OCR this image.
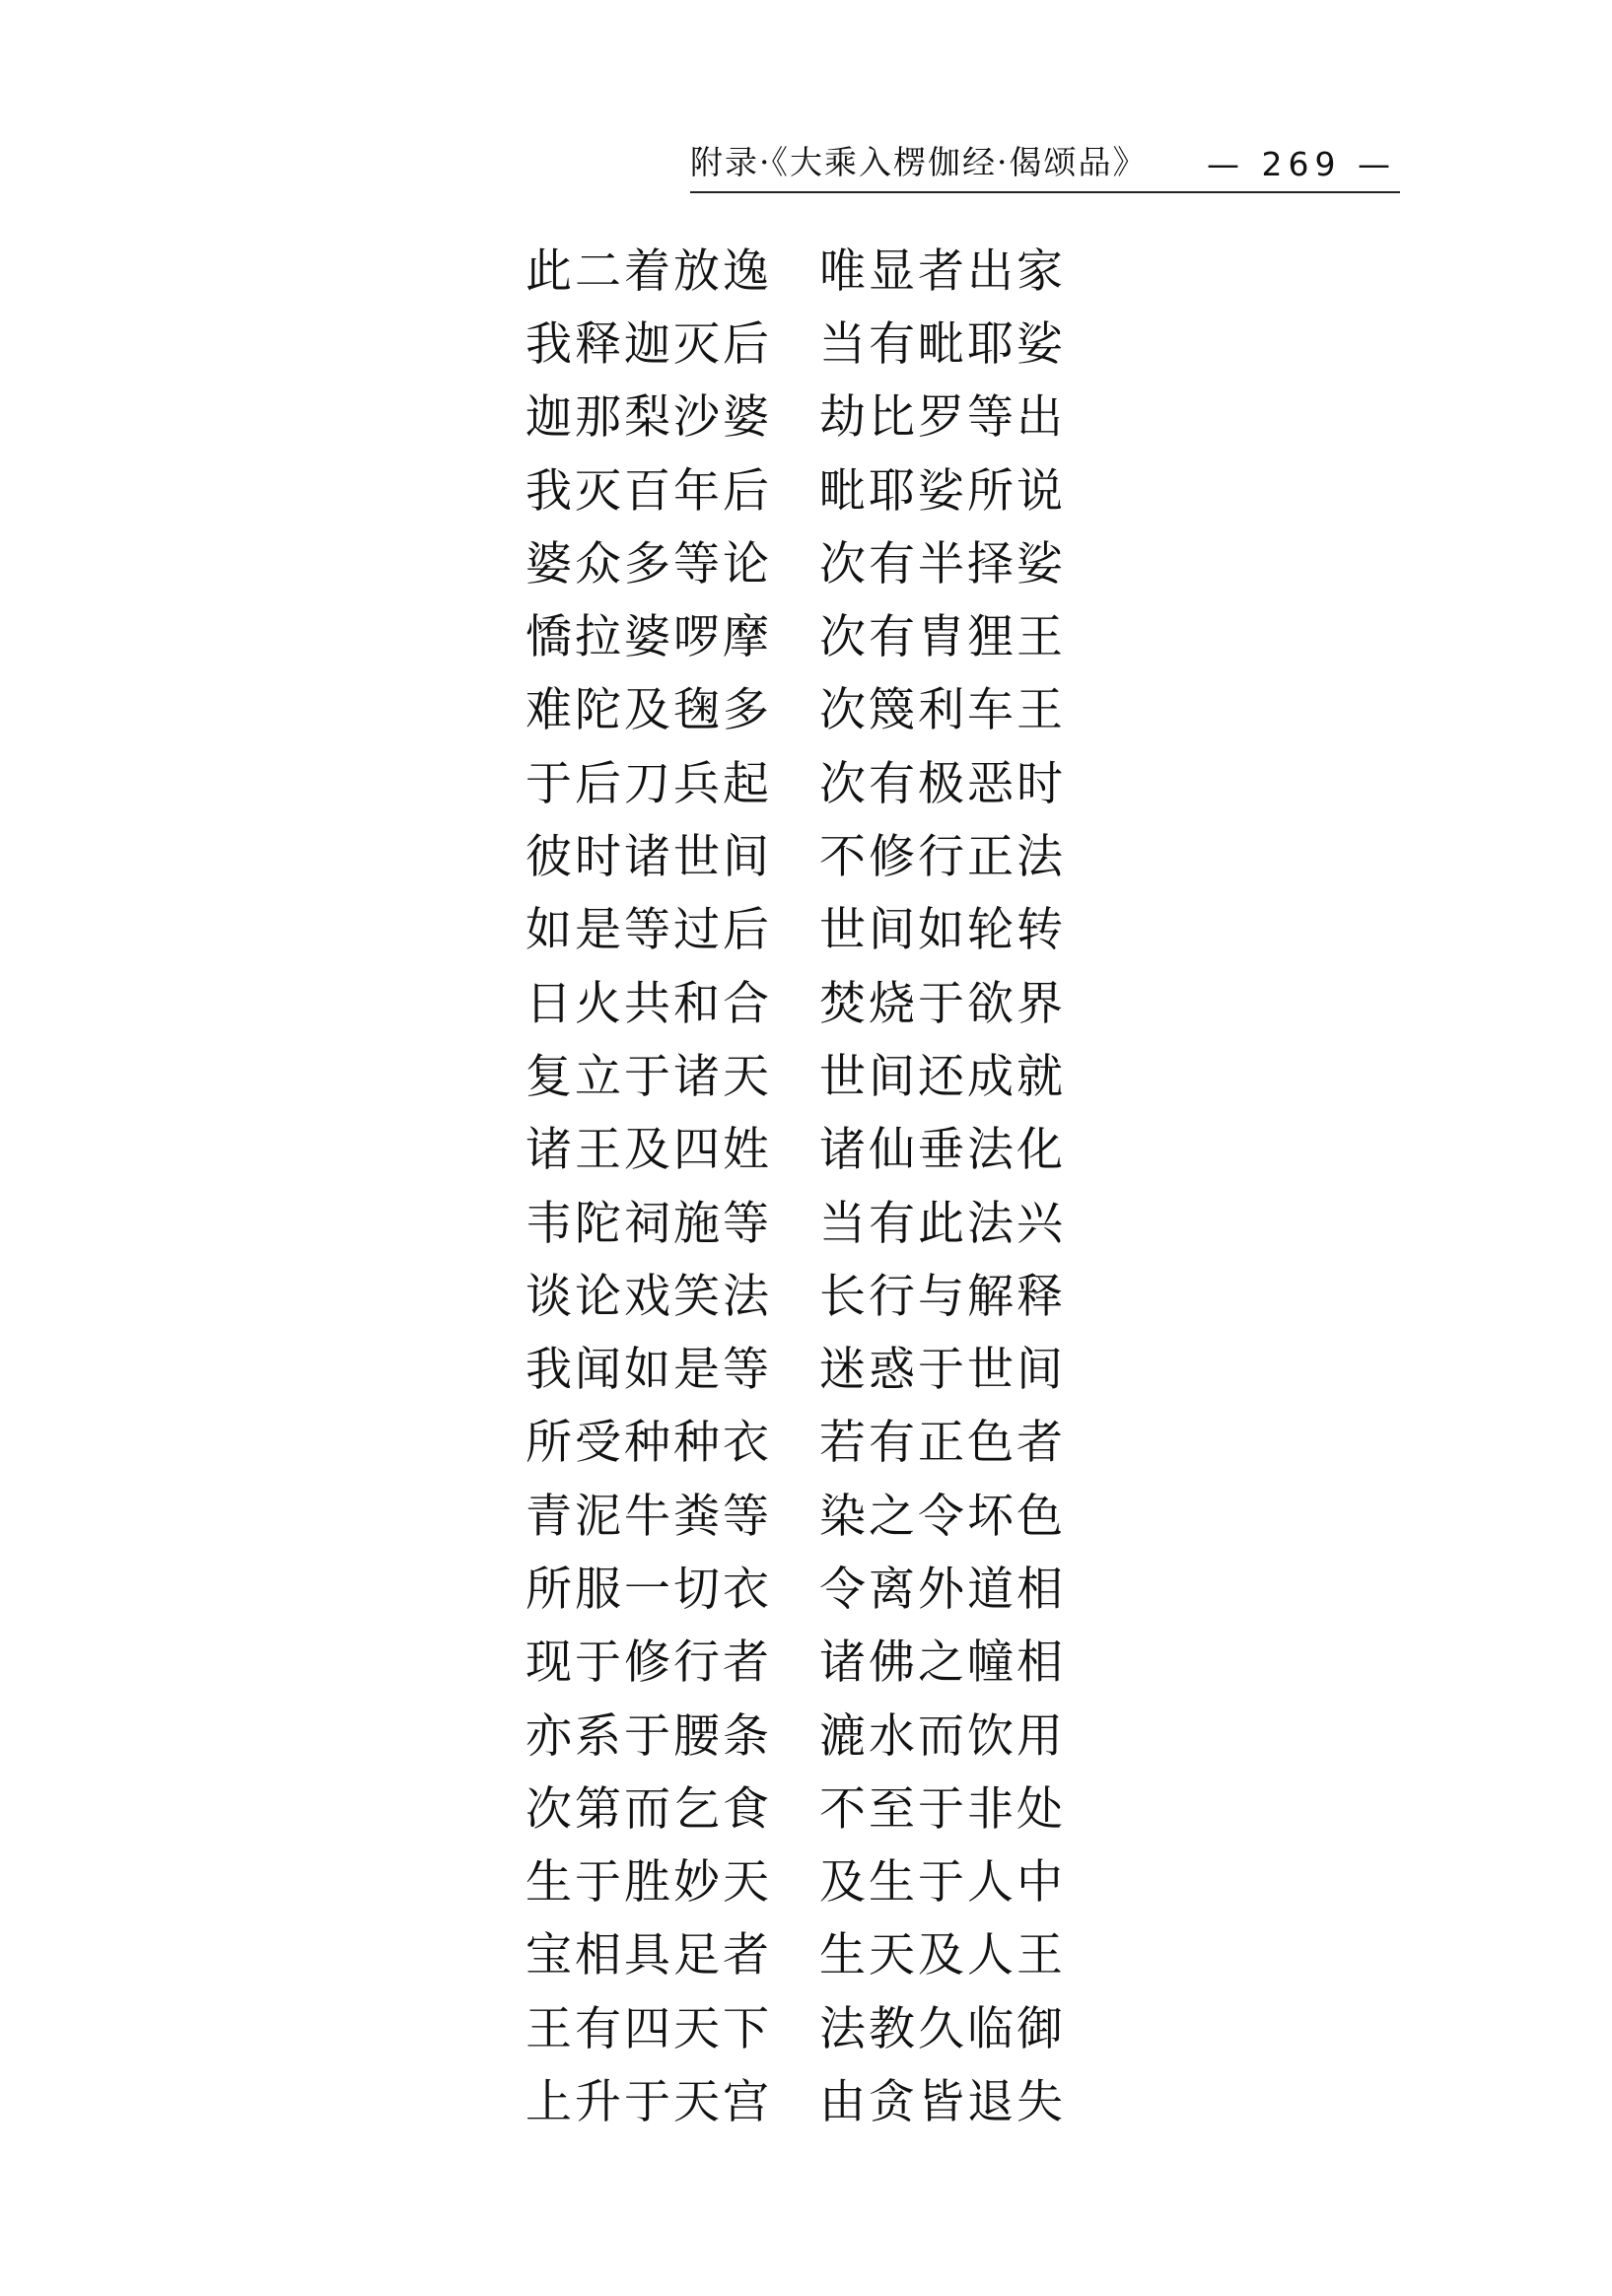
附录·《大乘入楞伽经·偈颂品》 — 269 —
此二着放逸	唯显者出家
我释迦灭后	当有毗耶娑
迦那梨沙婆	劫比罗等出
我灭百年后	毗耶娑所说
婆众多等论	次有半择娑
憍拉婆啰摩	次有胄狸王
难陀及毱多	次篾利车王
于后刀兵起	次有极恶时
彼时诸世间	不修行正法
如是等过后	世间如轮转
日火共和合	焚烧于欲界
复立于诸天	世间还成就
诸王及四姓	诸仙垂法化
韦陀祠施等	当有此法兴
谈论戏笑法	长行与解释
我闻如是等	迷惑于世间
所受种种衣	若有正色者
青泥牛粪等	染之令坏色
所服一切衣	令离外道相
现于修行者	诸佛之幢相
亦系于腰条	漉水而饮用
次第而乞食	不至于非处
生于胜妙天	及生于人中
宝相具足者	生天及人王
王有四天下	法教久临御
上升于天宫	由贪皆退失
